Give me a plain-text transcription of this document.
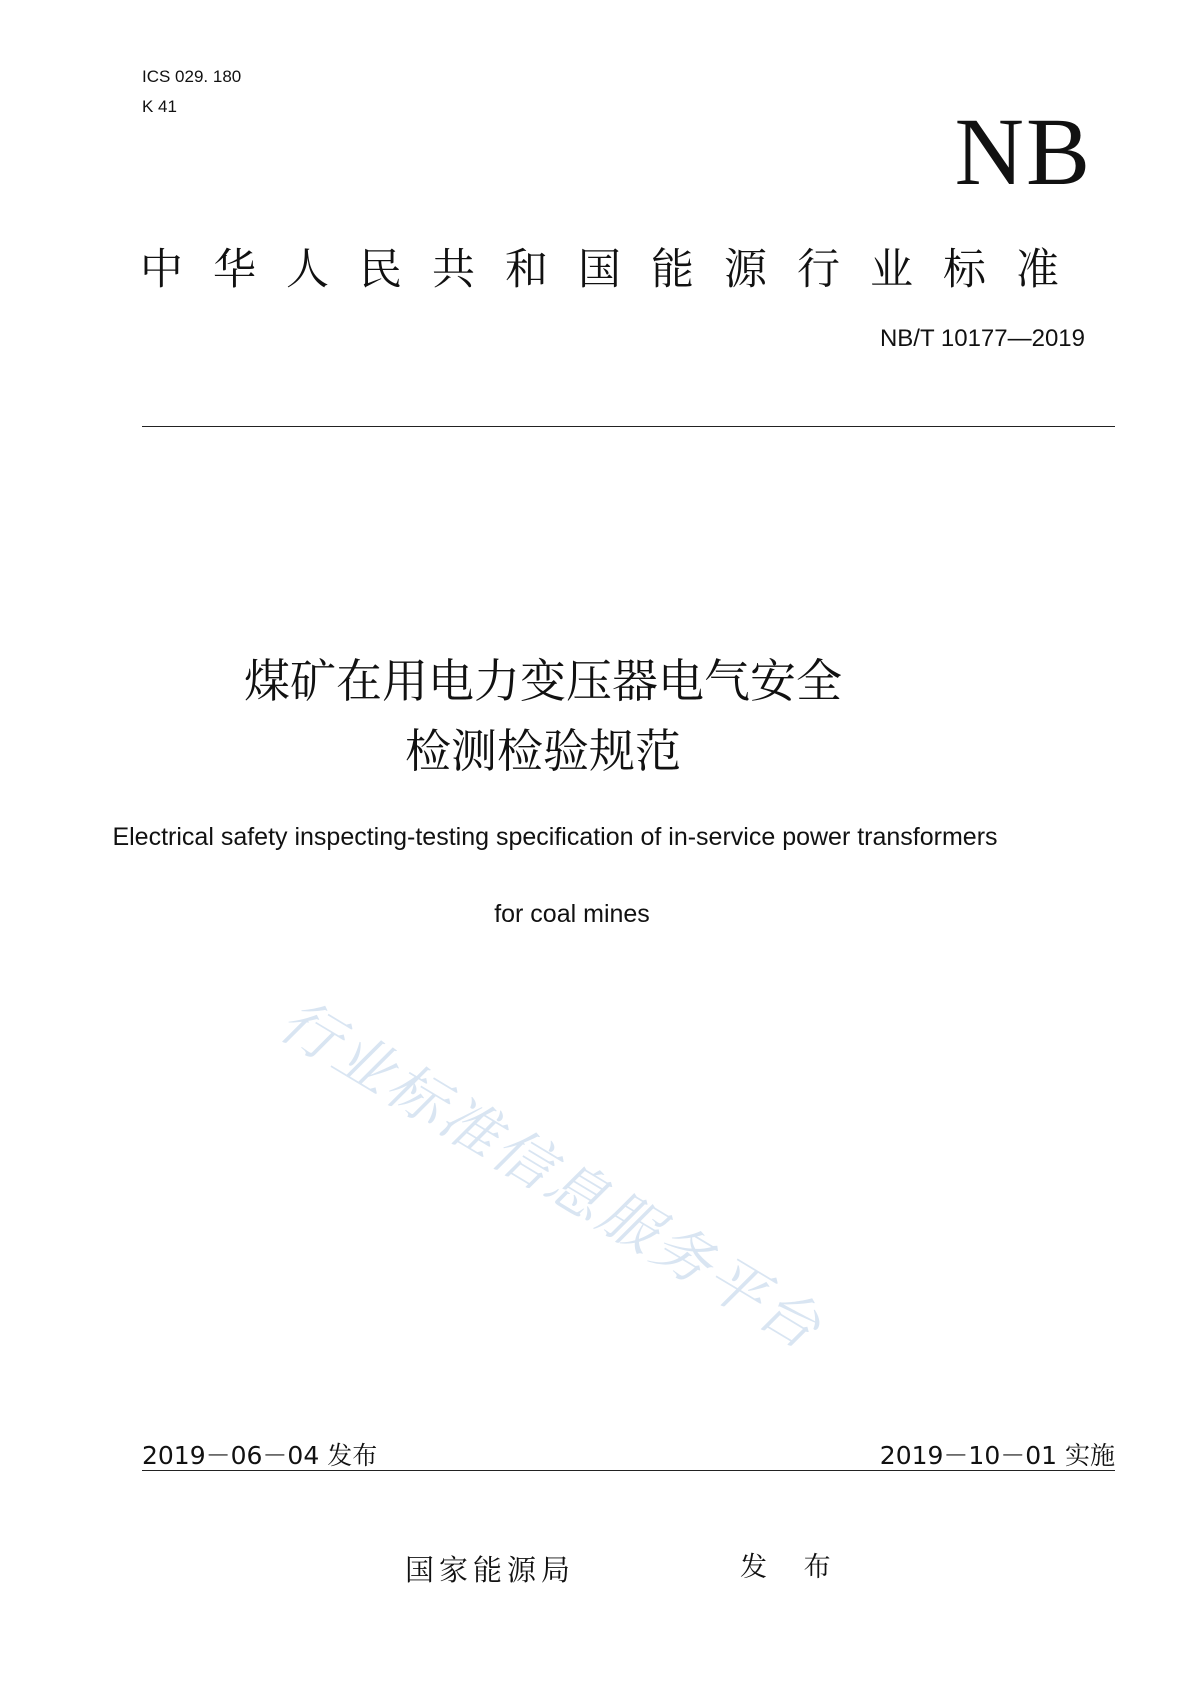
ICS 029. 180
K 41	NB
中华人民共和国能源行业标准
NB/T 10177—2019
煤矿在用电力变压器电气安全
检测检验规范
Electrical safety inspecting-testing specification of in-service power transformers
for coal mines
行业标准信息服务平台
2019－06－04 发布	2019－10－01 实施
国家能源局	发 布
